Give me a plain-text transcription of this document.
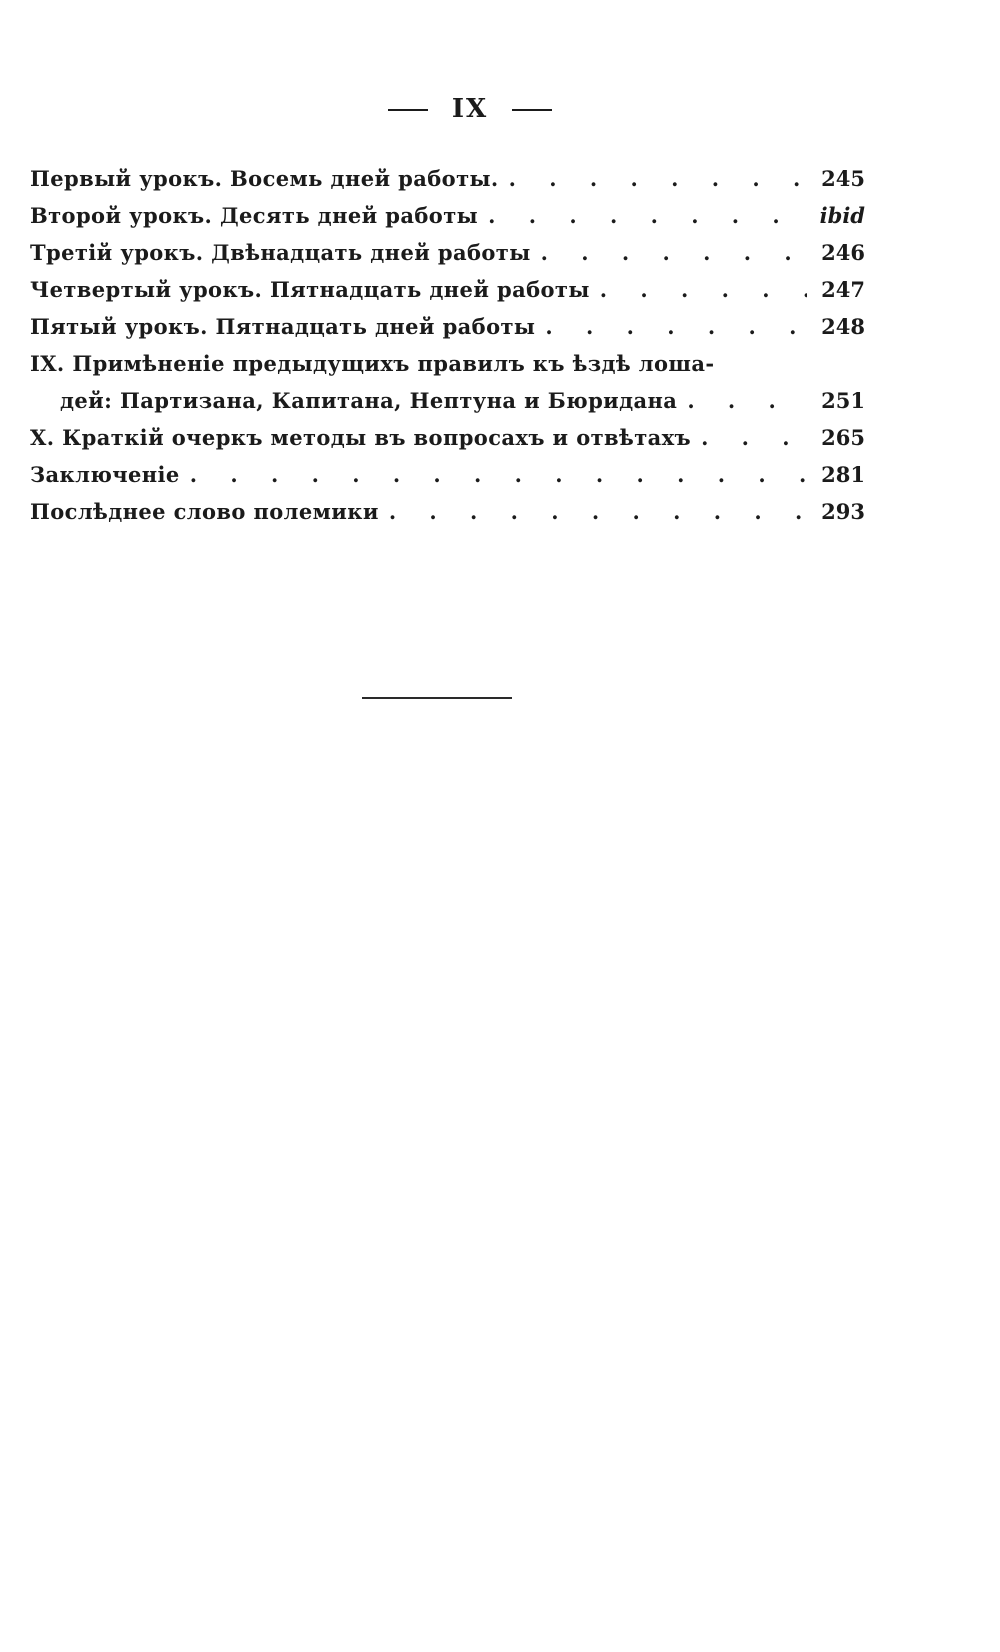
IX
Первый урокъ. Восемь дней работы. . . .	245
Второй урокъ. Десять дней работы . . .	ibid
Третій урокъ. Двѣнадцать дней работы . . .	246
Четвертый урокъ. Пятнадцать дней работы . . .	247
Пятый урокъ. Пятнадцать дней работы . . .	248
IX. Примѣненіе предыдущихъ правилъ къ ѣздѣ лоша-
дей: Партизана, Капитана, Нептуна и Бюридана . . .	251
X. Краткій очеркъ методы въ вопросахъ и отвѣтахъ . . .	265
Заключеніе . . .	281
Послѣднее слово полемики . . .	293
